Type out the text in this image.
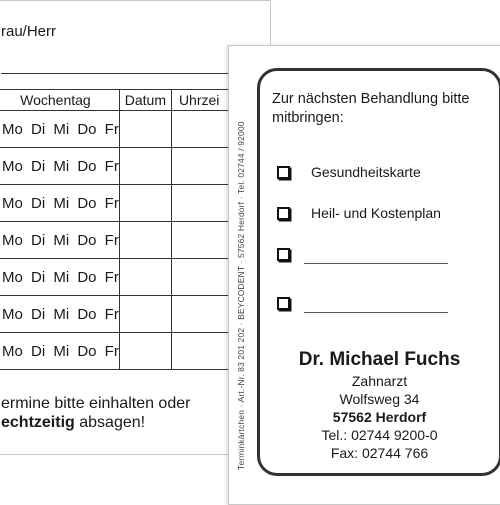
rau/Herr
Wochentag	Datum	Uhrzei
Mo Di Mi Do Fr		
Mo Di Mi Do Fr		
Mo Di Mi Do Fr		
Mo Di Mi Do Fr		
Mo Di Mi Do Fr		
Mo Di Mi Do Fr		
Mo Di Mi Do Fr		
ermine bitte einhalten oder
echtzeitig absagen!	Terminkärtchen · Art.-Nr. 83 201 202 · BEYCODENT · 57562 Herdorf · Tel. 02744 / 92000
Zur nächsten Behandlung bitte mitbringen:
Gesundheitskarte
Heil- und Kostenplan
Dr. Michael Fuchs
Zahnarzt
Wolfsweg 34
57562 Herdorf
Tel.: 02744 9200-0
Fax: 02744 766
